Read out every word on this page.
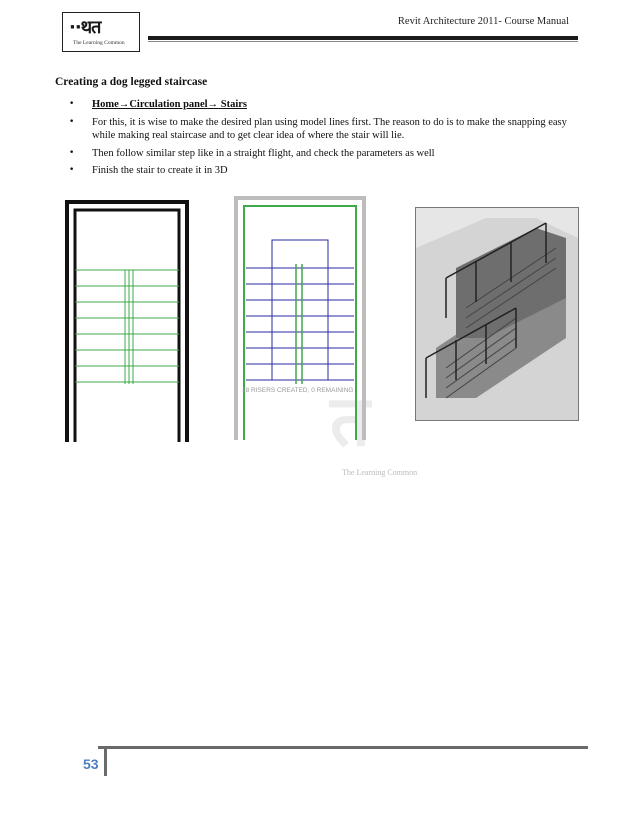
··थत
The Learning Common
Revit Architecture 2011- Course Manual
Creating a dog legged staircase
• Home→Circulation panel→ Stairs
• For this, it is wise to make the desired plan using model lines first. The reason to do is to make the snapping easy while making real staircase and to get clear idea of where the stair will lie.
• Then follow similar step like in a straight flight, and check the parameters as well
• Finish the stair to create it in 3D
त
The Learning Common
18 RISERS CREATED, 0 REMAINING
53
